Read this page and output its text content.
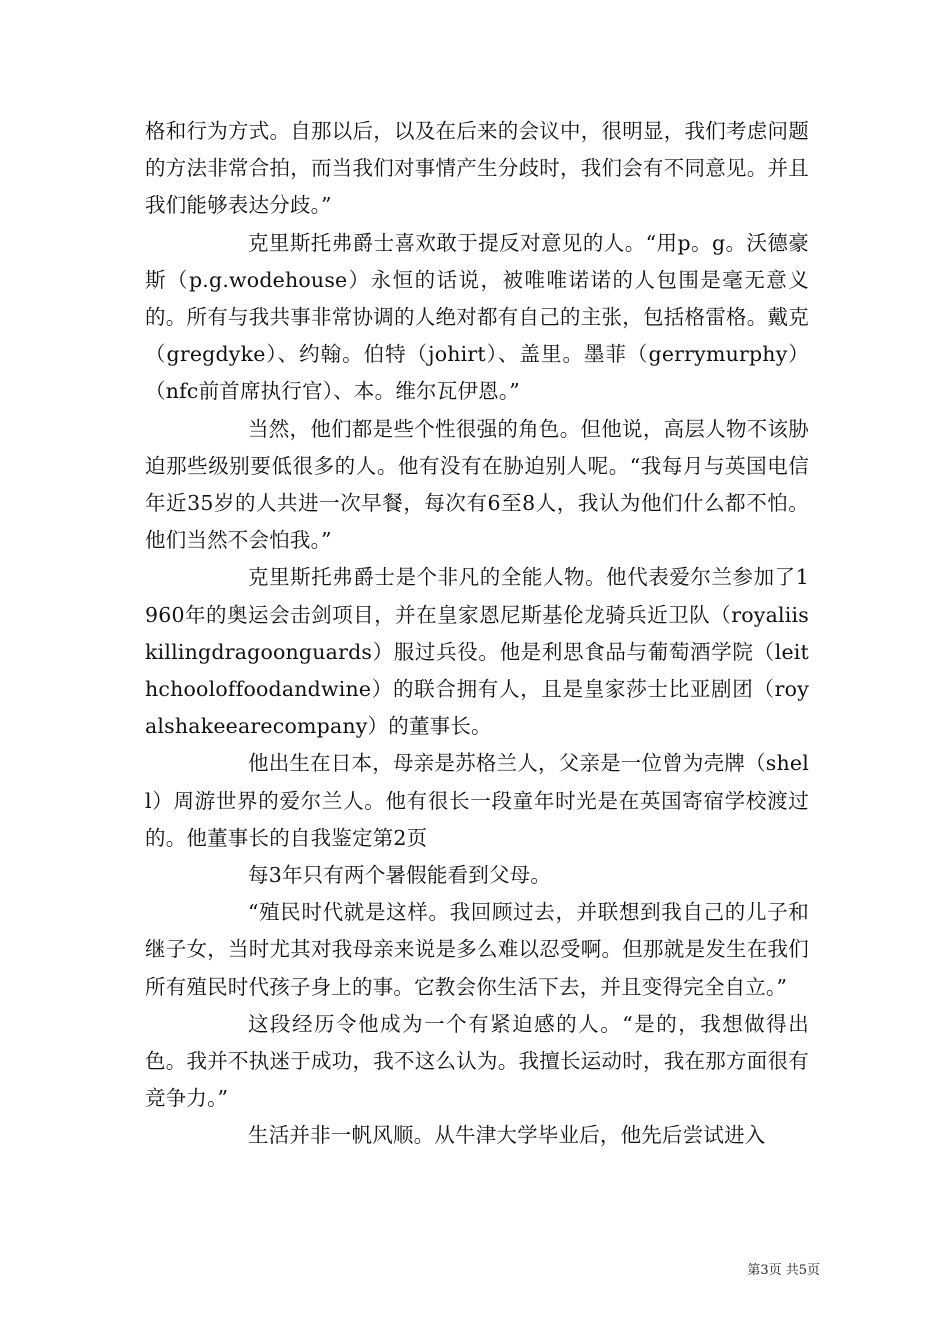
格和行为方式。自那以后，以及在后来的会议中，很明显，我们考虑问题的方法非常合拍，而当我们对事情产生分歧时，我们会有不同意见。并且我们能够表达分歧。”

克里斯托弗爵士喜欢敢于提反对意见的人。“用p。g。沃德豪斯（p.g.wodehouse）永恒的话说，被唯唯诺诺的人包围是毫无意义的。所有与我共事非常协调的人绝对都有自己的主张，包括格雷格。戴克（gregdyke）、约翰。伯特（johirt）、盖里。墨菲（gerrymurphy）（nfc前首席执行官）、本。维尔瓦伊恩。”

当然，他们都是些个性很强的角色。但他说，高层人物不该胁迫那些级别要低很多的人。他有没有在胁迫别人呢。“我每月与英国电信年近35岁的人共进一次早餐，每次有6至8人，我认为他们什么都不怕。他们当然不会怕我。”

克里斯托弗爵士是个非凡的全能人物。他代表爱尔兰参加了1960年的奥运会击剑项目，并在皇家恩尼斯基伦龙骑兵近卫队（royaliiskillingdragoonguards）服过兵役。他是利思食品与葡萄酒学院（leithchooloffoodandwine）的联合拥有人，且是皇家莎士比亚剧团（royalshakeearecompany）的董事长。

他出生在日本，母亲是苏格兰人，父亲是一位曾为壳牌（shell）周游世界的爱尔兰人。他有很长一段童年时光是在英国寄宿学校渡过的。他董事长的自我鉴定第2页

每3年只有两个暑假能看到父母。

“殖民时代就是这样。我回顾过去，并联想到我自己的儿子和继子女，当时尤其对我母亲来说是多么难以忍受啊。但那就是发生在我们所有殖民时代孩子身上的事。它教会你生活下去，并且变得完全自立。”

这段经历令他成为一个有紧迫感的人。“是的，我想做得出色。我并不执迷于成功，我不这么认为。我擅长运动时，我在那方面很有竞争力。”

生活并非一帆风顺。从牛津大学毕业后，他先后尝试进入

第3页 共5页
